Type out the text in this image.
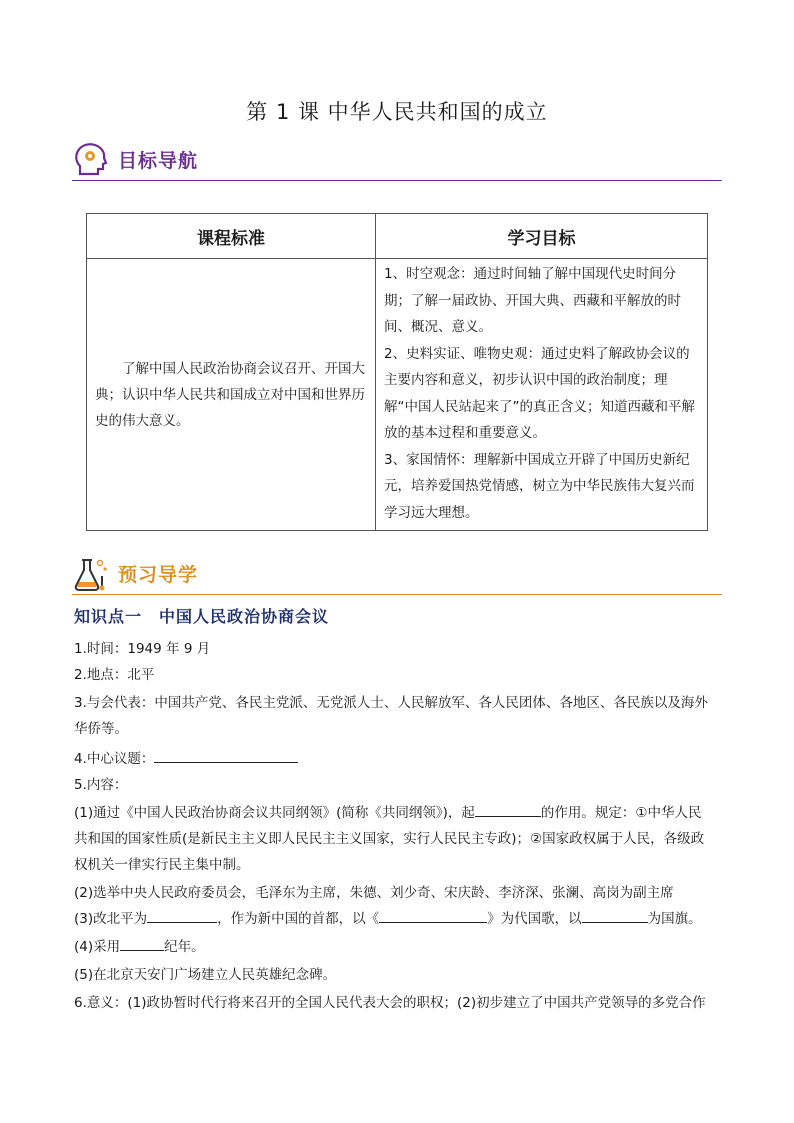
第 1 课 中华人民共和国的成立
目标导航
课程标准	学习目标

了解中国人民政治协商会议召开、开国大典；认识中华人民共和国成立对中国和世界历史的伟大意义。	1、时空观念：通过时间轴了解中国现代史时间分期；了解一届政协、开国大典、西藏和平解放的时间、概况、意义。
2、史料实证、唯物史观：通过史料了解政协会议的主要内容和意义，初步认识中国的政治制度；理解“中国人民站起来了”的真正含义；知道西藏和平解放的基本过程和重要意义。
3、家国情怀：理解新中国成立开辟了中国历史新纪元，培养爱国热党情感，树立为中华民族伟大复兴而学习远大理想。
预习导学
知识点一　中国人民政治协商会议
1.时间：1949 年 9 月
2.地点：北平
3.与会代表：中国共产党、各民主党派、无党派人士、人民解放军、各人民团体、各地区、各民族以及海外
华侨等。
4.中心议题：
5.内容：
(1)通过《中国人民政治协商会议共同纲领》(简称《共同纲领》)，起	的作用。规定：①中华人民
共和国的国家性质(是新民主主义即人民民主主义国家，实行人民民主专政)；②国家政权属于人民，各级政
权机关一律实行民主集中制。
(2)选举中央人民政府委员会，毛泽东为主席，朱德、刘少奇、宋庆龄、李济深、张澜、高岗为副主席
(3)改北平为	，作为新中国的首都，以《	》为代国歌，以	为国旗。
(4)采用	纪年。
(5)在北京天安门广场建立人民英雄纪念碑。
6.意义：(1)政协暂时代行将来召开的全国人民代表大会的职权；(2)初步建立了中国共产党领导的多党合作
